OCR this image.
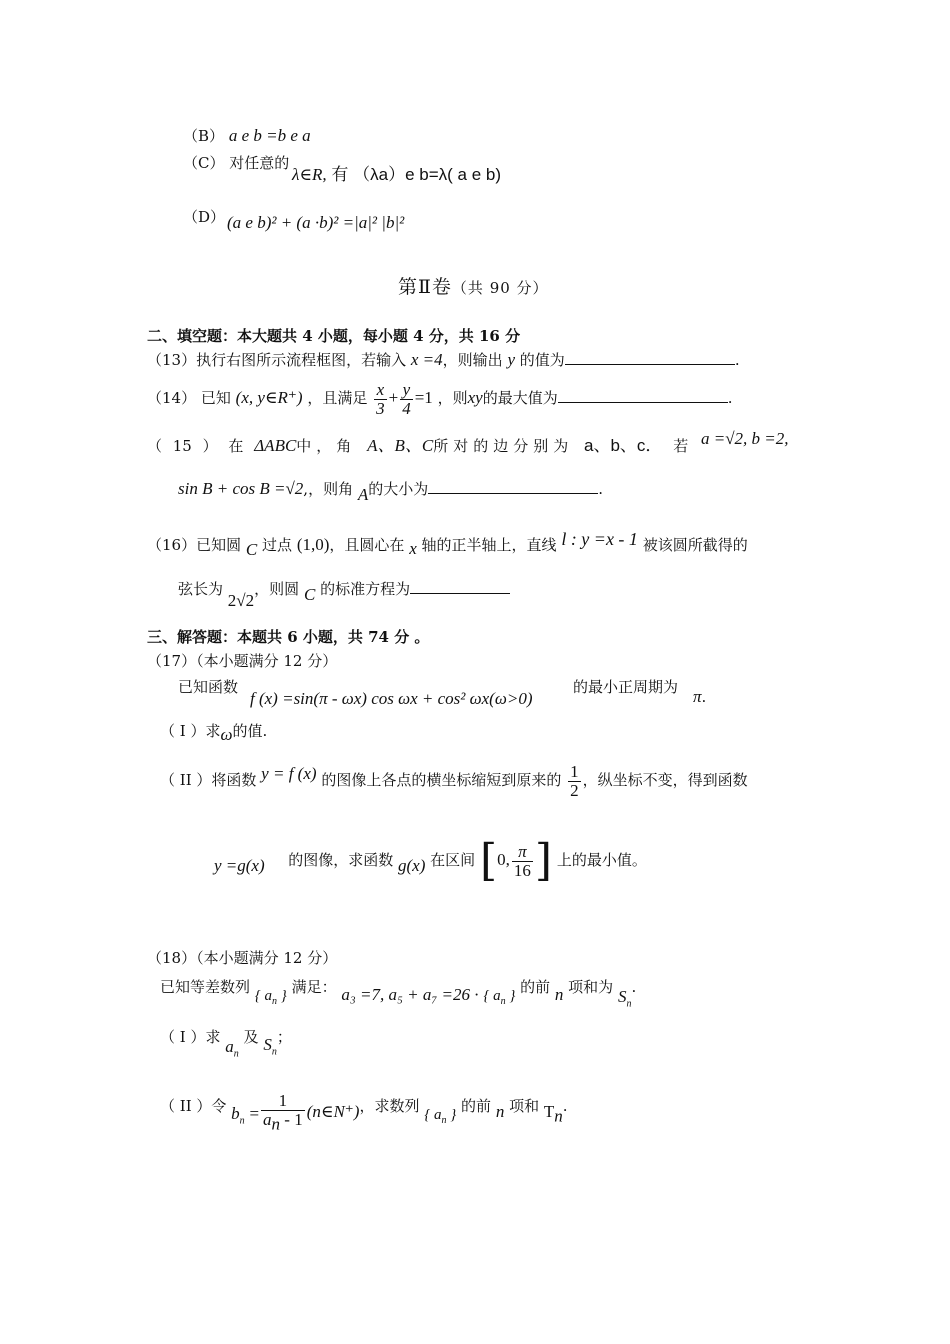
（B） a e b =b e a
（C） 对任意的
λ∈R, 有 （λa）e b=λ( a e b)
（D） (a e b)² + (a ·b)² =|a|² |b|²
第Ⅱ卷（共 90 分）
二、填空题：本大题共 4 小题，每小题 4 分，共 16 分
（13）执行右图所示流程框图，若输入 x =4，则输出 y 的值为	.
（14） 已知 (x, y∈R⁺) ，且满足 $\frac{x}{3} + \frac{y}{4} =1$ ，则xy的最大值为	.
（ 15 ） 在 ΔABC中，角 A、B、C所对的边分别为 a、b、c． 若 a =√2, b =2,
sin B + cos B =√2,，则角 A的大小为	.
（16）已知圆 C 过点 (1,0)，且圆心在 x 轴的正半轴上，直线 l : y =x - 1 被该圆所截得的
弦长为 2√2，则圆 C 的标准方程为
三、解答题：本题共 6 小题，共 74 分 。
（17）（本小题满分 12 分）
已知函数
f (x) =sin(π - ωx) cos ωx + cos² ωx(ω>0)
的最小正周期为 π.
（ I ）求ω的值.
（ II ）将函数 y = f (x) 的图像上各点的横坐标缩短到原来的 $\frac{1}{2}$ ，纵坐标不变，得到函数
y =g(x) 的图像，求函数 g(x) 在区间 [0, $\frac{\pi}{16}$ ] 上的最小值。
（18）（本小题满分 12 分）
已知等差数列 { $a_n$ } 满足： a₃ =7, a₅ + a₇ =26 · { $a_n$ } 的前 n 项和为 $S_n$.
（ I ）求 $a_n$ 及 $S_n$；
（ II ）令 $b_n = \frac{1}{a_n - 1}$ (n∈N⁺)，求数列 { $a_n$ } 的前 n 项和 $T_n$.
